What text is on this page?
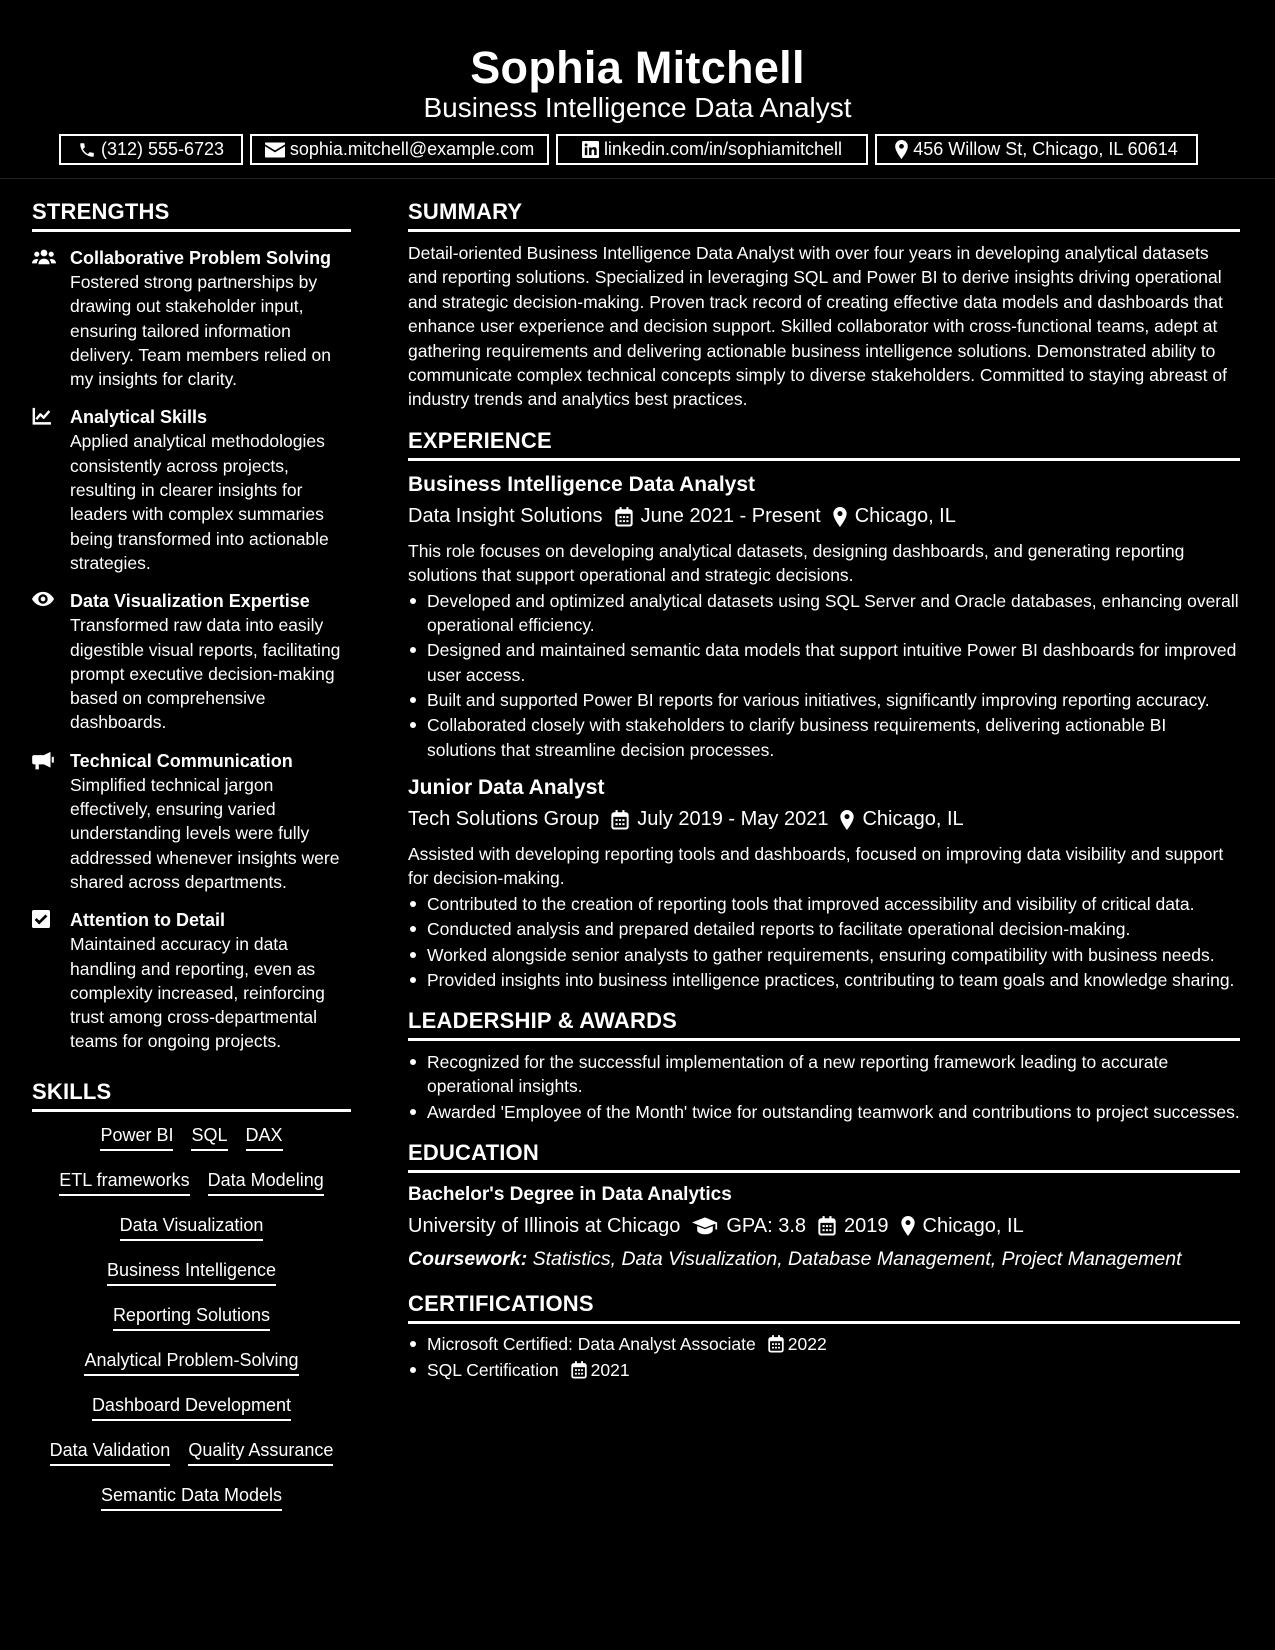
Sophia Mitchell
Business Intelligence Data Analyst
(312) 555-6723	sophia.mitchell@example.com	linkedin.com/in/sophiamitchell	456 Willow St, Chicago, IL 60614
STRENGTHS
Collaborative Problem Solving
Fostered strong partnerships by drawing out stakeholder input, ensuring tailored information delivery. Team members relied on my insights for clarity.
Analytical Skills
Applied analytical methodologies consistently across projects, resulting in clearer insights for leaders with complex summaries being transformed into actionable strategies.
Data Visualization Expertise
Transformed raw data into easily digestible visual reports, facilitating prompt executive decision-making based on comprehensive dashboards.
Technical Communication
Simplified technical jargon effectively, ensuring varied understanding levels were fully addressed whenever insights were shared across departments.
Attention to Detail
Maintained accuracy in data handling and reporting, even as complexity increased, reinforcing trust among cross-departmental teams for ongoing projects.
SKILLS
Power BI SQL DAX
ETL frameworks Data Modeling
Data Visualization
Business Intelligence
Reporting Solutions
Analytical Problem-Solving
Dashboard Development
Data Validation Quality Assurance
Semantic Data Models
SUMMARY
Detail-oriented Business Intelligence Data Analyst with over four years in developing analytical datasets and reporting solutions. Specialized in leveraging SQL and Power BI to derive insights driving operational and strategic decision-making. Proven track record of creating effective data models and dashboards that enhance user experience and decision support. Skilled collaborator with cross-functional teams, adept at gathering requirements and delivering actionable business intelligence solutions. Demonstrated ability to communicate complex technical concepts simply to diverse stakeholders. Committed to staying abreast of industry trends and analytics best practices.
EXPERIENCE
Business Intelligence Data Analyst
Data Insight Solutions June 2021 - Present Chicago, IL
This role focuses on developing analytical datasets, designing dashboards, and generating reporting solutions that support operational and strategic decisions.
Developed and optimized analytical datasets using SQL Server and Oracle databases, enhancing overall operational efficiency.
Designed and maintained semantic data models that support intuitive Power BI dashboards for improved user access.
Built and supported Power BI reports for various initiatives, significantly improving reporting accuracy.
Collaborated closely with stakeholders to clarify business requirements, delivering actionable BI solutions that streamline decision processes.
Junior Data Analyst
Tech Solutions Group July 2019 - May 2021 Chicago, IL
Assisted with developing reporting tools and dashboards, focused on improving data visibility and support for decision-making.
Contributed to the creation of reporting tools that improved accessibility and visibility of critical data.
Conducted analysis and prepared detailed reports to facilitate operational decision-making.
Worked alongside senior analysts to gather requirements, ensuring compatibility with business needs.
Provided insights into business intelligence practices, contributing to team goals and knowledge sharing.
LEADERSHIP & AWARDS
Recognized for the successful implementation of a new reporting framework leading to accurate operational insights.
Awarded 'Employee of the Month' twice for outstanding teamwork and contributions to project successes.
EDUCATION
Bachelor's Degree in Data Analytics
University of Illinois at Chicago GPA: 3.8 2019 Chicago, IL
Coursework: Statistics, Data Visualization, Database Management, Project Management
CERTIFICATIONS
Microsoft Certified: Data Analyst Associate 2022
SQL Certification 2021
